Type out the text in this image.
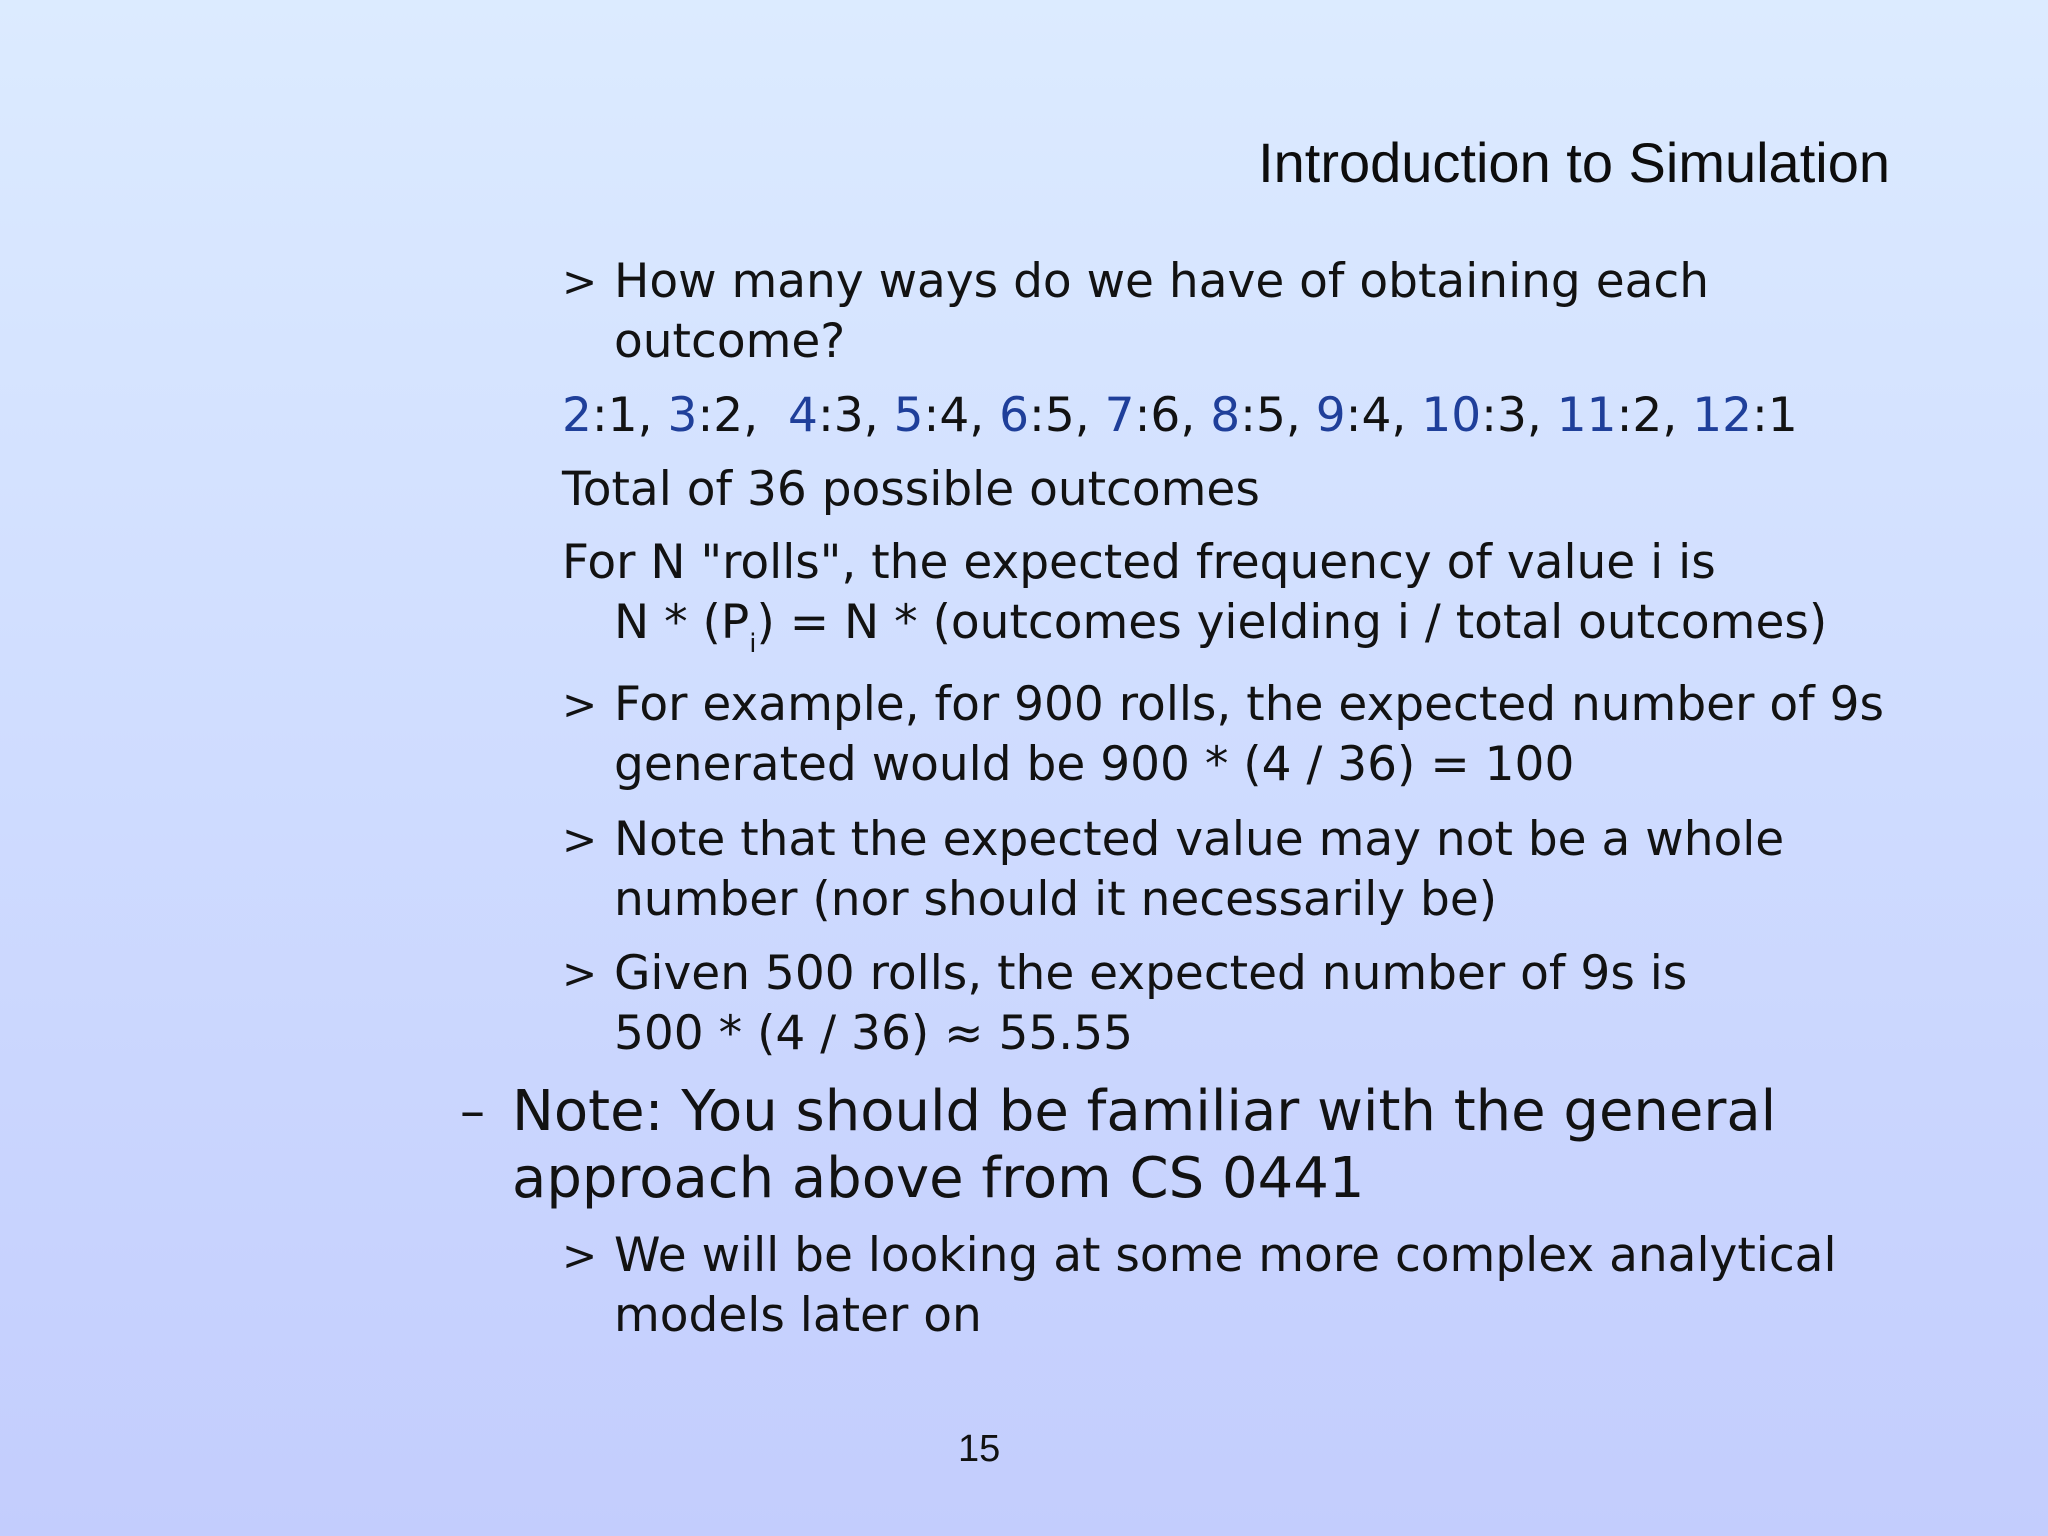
Introduction to Simulation
> How many ways do we have of obtaining each
outcome?
2:1, 3:2,  4:3, 5:4, 6:5, 7:6, 8:5, 9:4, 10:3, 11:2, 12:1
Total of 36 possible outcomes
For N "rolls", the expected frequency of value i is
$N * (P_i) = N$ * (outcomes yielding i / total outcomes)
> For example, for 900 rolls, the expected number of 9s
generated would be 900 * (4 / 36) = 100
> Note that the expected value may not be a whole
number (nor should it necessarily be)
> Given 500 rolls, the expected number of 9s is
500 * (4 / 36) ≈ 55.55
– Note: You should be familiar with the general
approach above from CS 0441
> We will be looking at some more complex analytical
models later on
15
